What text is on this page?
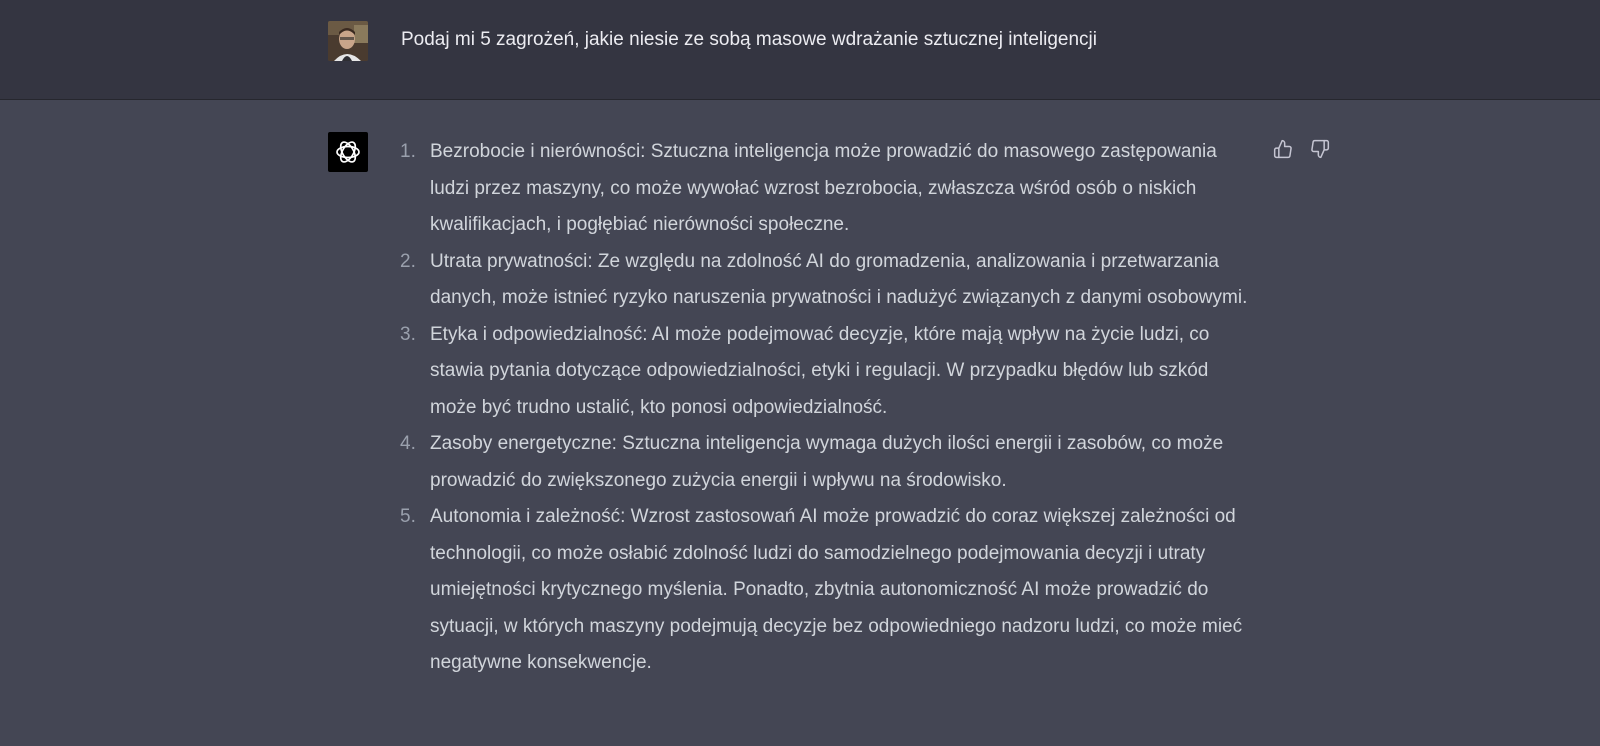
Podaj mi 5 zagrożeń, jakie niesie ze sobą masowe wdrażanie sztucznej inteligencji
1. Bezrobocie i nierówności: Sztuczna inteligencja może prowadzić do masowego zastępowania ludzi przez maszyny, co może wywołać wzrost bezrobocia, zwłaszcza wśród osób o niskich kwalifikacjach, i pogłębiać nierówności społeczne.
2. Utrata prywatności: Ze względu na zdolność AI do gromadzenia, analizowania i przetwarzania danych, może istnieć ryzyko naruszenia prywatności i nadużyć związanych z danymi osobowymi.
3. Etyka i odpowiedzialność: AI może podejmować decyzje, które mają wpływ na życie ludzi, co stawia pytania dotyczące odpowiedzialności, etyki i regulacji. W przypadku błędów lub szkód może być trudno ustalić, kto ponosi odpowiedzialność.
4. Zasoby energetyczne: Sztuczna inteligencja wymaga dużych ilości energii i zasobów, co może prowadzić do zwiększonego zużycia energii i wpływu na środowisko.
5. Autonomia i zależność: Wzrost zastosowań AI może prowadzić do coraz większej zależności od technologii, co może osłabić zdolność ludzi do samodzielnego podejmowania decyzji i utraty umiejętności krytycznego myślenia. Ponadto, zbytnia autonomiczność AI może prowadzić do sytuacji, w których maszyny podejmują decyzje bez odpowiedniego nadzoru ludzi, co może mieć negatywne konsekwencje.
